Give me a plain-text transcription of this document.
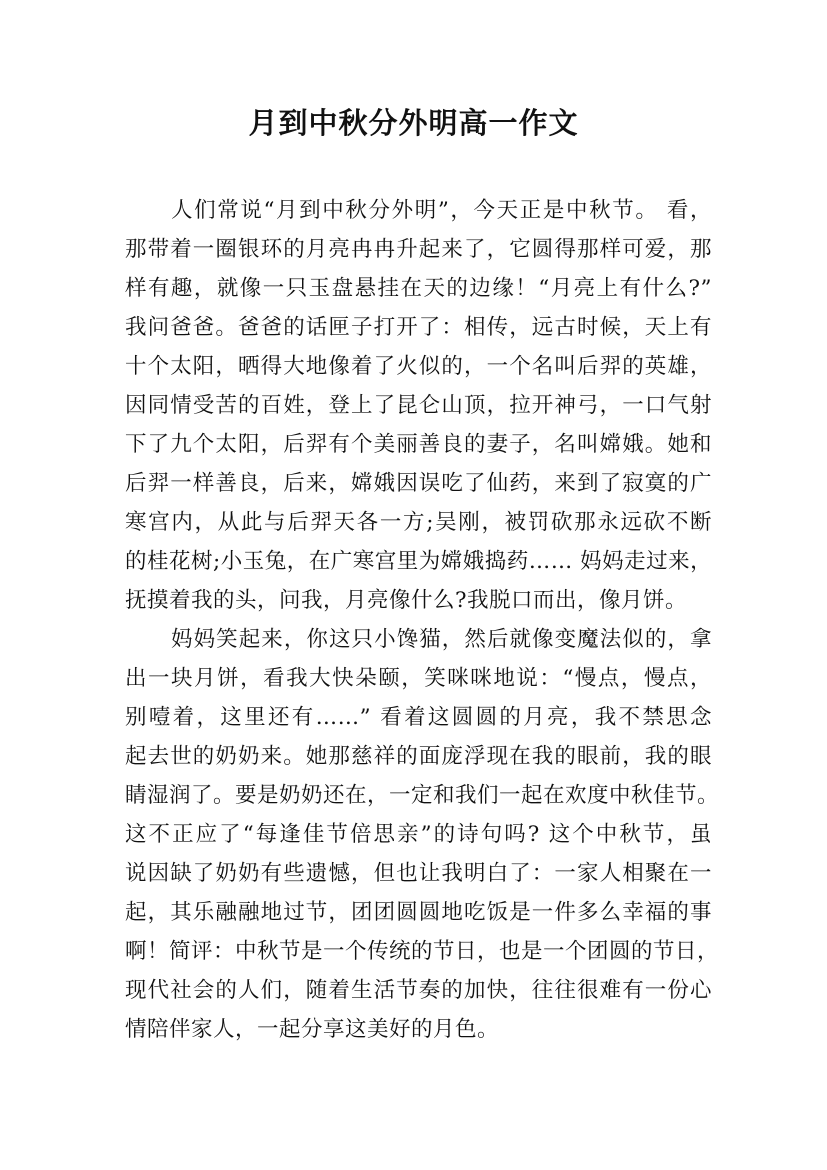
月到中秋分外明高一作文
人们常说“月到中秋分外明”，今天正是中秋节。 看，
那带着一圈银环的月亮冉冉升起来了，它圆得那样可爱，那
样有趣，就像一只玉盘悬挂在天的边缘！“月亮上有什么?”
我问爸爸。爸爸的话匣子打开了：相传，远古时候，天上有
十个太阳，晒得大地像着了火似的，一个名叫后羿的英雄，
因同情受苦的百姓，登上了昆仑山顶，拉开神弓，一口气射
下了九个太阳，后羿有个美丽善良的妻子，名叫嫦娥。她和
后羿一样善良，后来，嫦娥因误吃了仙药，来到了寂寞的广
寒宫内，从此与后羿天各一方;吴刚，被罚砍那永远砍不断
的桂花树;小玉兔，在广寒宫里为嫦娥捣药…… 妈妈走过来，
抚摸着我的头，问我，月亮像什么?我脱口而出，像月饼。
妈妈笑起来，你这只小馋猫，然后就像变魔法似的，拿
出一块月饼，看我大快朵颐，笑咪咪地说：“慢点，慢点，
别噎着，这里还有……” 看着这圆圆的月亮，我不禁思念
起去世的奶奶来。她那慈祥的面庞浮现在我的眼前，我的眼
睛湿润了。要是奶奶还在，一定和我们一起在欢度中秋佳节。
这不正应了“每逢佳节倍思亲”的诗句吗? 这个中秋节，虽
说因缺了奶奶有些遗憾，但也让我明白了：一家人相聚在一
起，其乐融融地过节，团团圆圆地吃饭是一件多么幸福的事
啊！简评：中秋节是一个传统的节日，也是一个团圆的节日，
现代社会的人们，随着生活节奏的加快，往往很难有一份心
情陪伴家人，一起分享这美好的月色。
